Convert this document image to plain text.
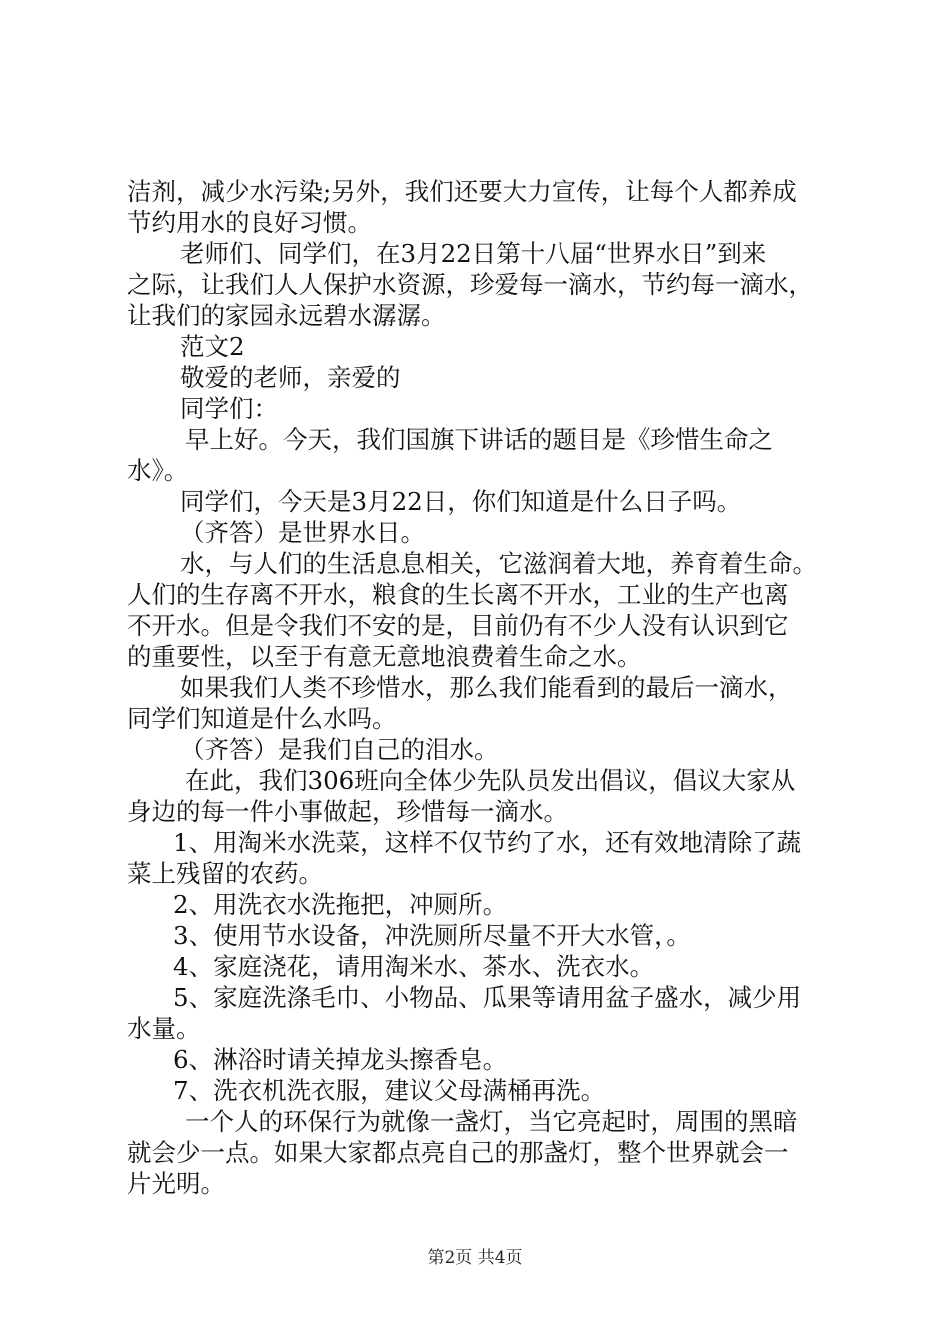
洁剂，减少水污染;另外，我们还要大力宣传，让每个人都养成
节约用水的良好习惯。
老师们、同学们，在3月22日第十八届“世界水日”到来
之际，让我们人人保护水资源，珍爱每一滴水，节约每一滴水，
让我们的家园永远碧水潺潺。
范文2
敬爱的老师，亲爱的
同学们：
早上好。今天，我们国旗下讲话的题目是《珍惜生命之
水》。
同学们，今天是3月22日，你们知道是什么日子吗。
（齐答）是世界水日。
水，与人们的生活息息相关，它滋润着大地，养育着生命。
人们的生存离不开水，粮食的生长离不开水，工业的生产也离
不开水。但是令我们不安的是，目前仍有不少人没有认识到它
的重要性，以至于有意无意地浪费着生命之水。
如果我们人类不珍惜水，那么我们能看到的最后一滴水，
同学们知道是什么水吗。
（齐答）是我们自己的泪水。
在此，我们306班向全体少先队员发出倡议，倡议大家从
身边的每一件小事做起，珍惜每一滴水。
1、用淘米水洗菜，这样不仅节约了水，还有效地清除了蔬
菜上残留的农药。
2、用洗衣水洗拖把，冲厕所。
3、使用节水设备，冲洗厕所尽量不开大水管，。
4、家庭浇花，请用淘米水、茶水、洗衣水。
5、家庭洗涤毛巾、小物品、瓜果等请用盆子盛水，减少用
水量。
6、淋浴时请关掉龙头擦香皂。
7、洗衣机洗衣服，建议父母满桶再洗。
一个人的环保行为就像一盏灯，当它亮起时，周围的黑暗
就会少一点。如果大家都点亮自己的那盏灯，整个世界就会一
片光明。
第2页 共4页
